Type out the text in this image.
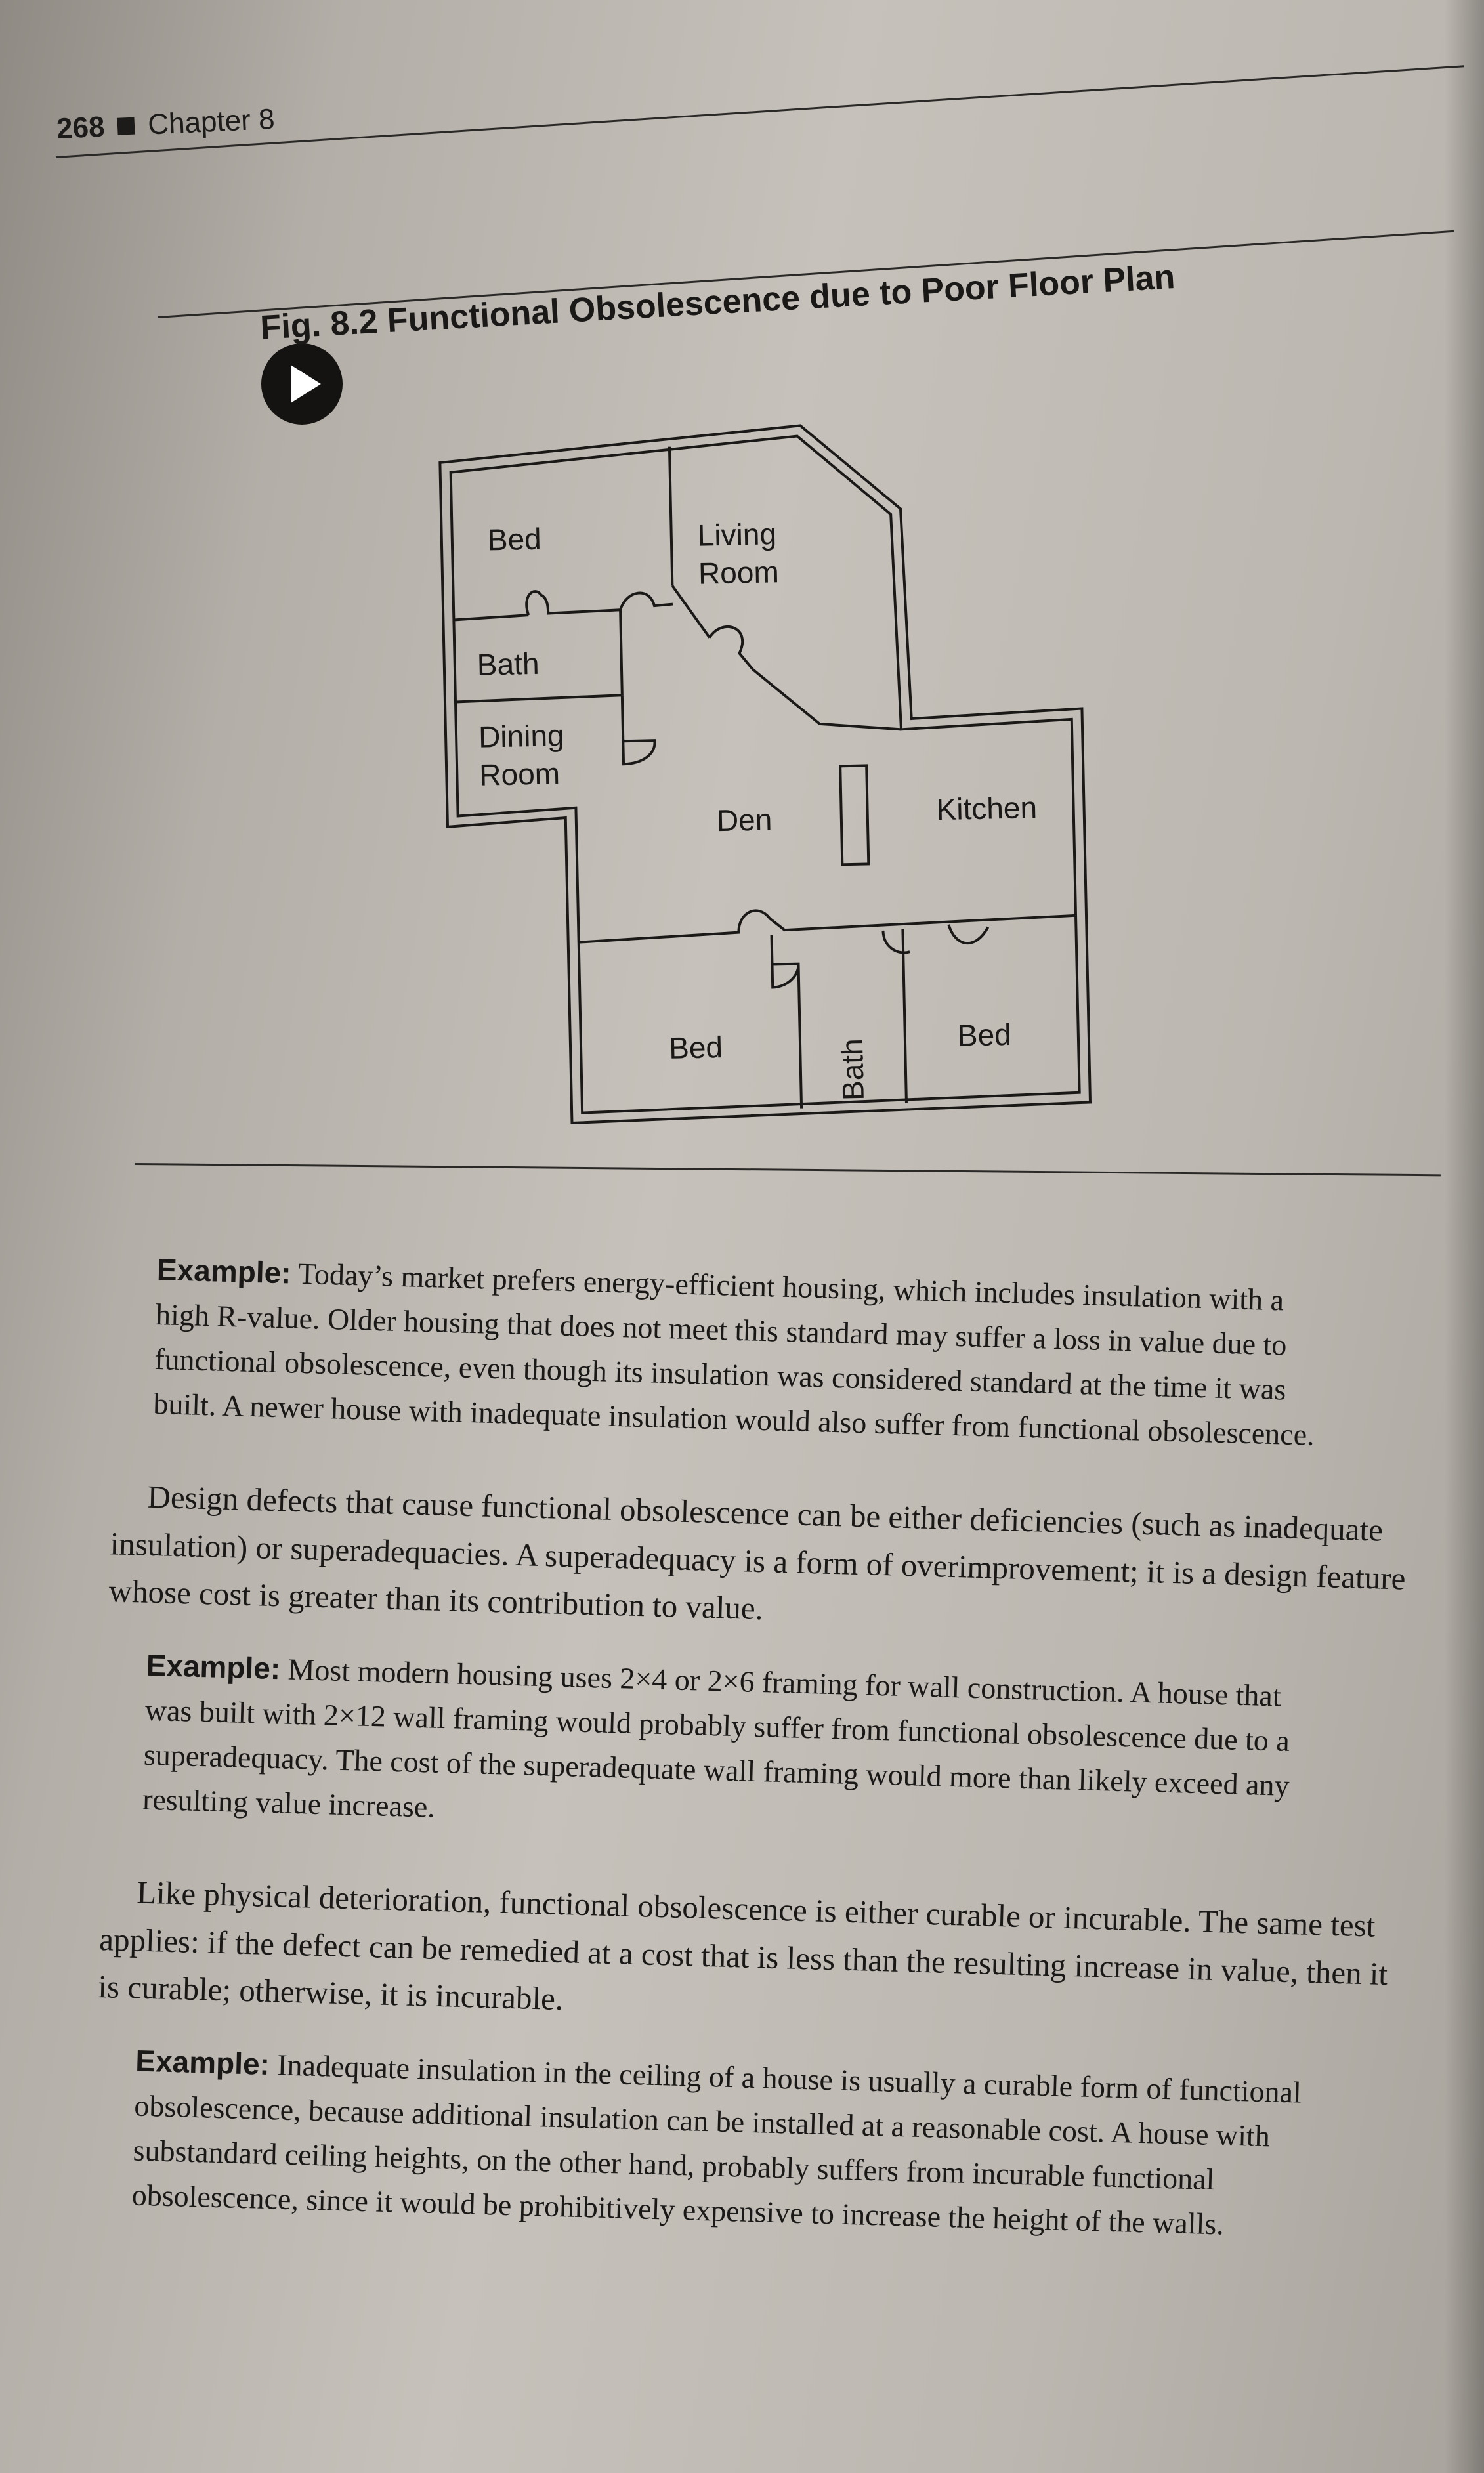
268 Chapter 8
Fig. 8.2 Functional Obsolescence due to Poor Floor Plan
Bed	Living
Room
Bath
Dining
Room
Den	Kitchen
Bed	Bath
Bed

Example: Today’s market prefers energy-efficient housing, which includes insulation with a high R-value. Older housing that does not meet this standard may suffer a loss in value due to functional obsolescence, even though its insulation was considered standard at the time it was built. A newer house with inadequate insulation would also suffer from functional obsolescence.

Design defects that cause functional obsolescence can be either deficiencies (such as inadequate insulation) or superadequacies. A superadequacy is a form of overimprovement; it is a design feature whose cost is greater than its contribution to value.

Example: Most modern housing uses 2×4 or 2×6 framing for wall construction. A house that was built with 2×12 wall framing would probably suffer from functional obsolescence due to a superadequacy. The cost of the superadequate wall framing would more than likely exceed any resulting value increase.

Like physical deterioration, functional obsolescence is either curable or incurable. The same test applies: if the defect can be remedied at a cost that is less than the resulting increase in value, then it is curable; otherwise, it is incurable.

Example: Inadequate insulation in the ceiling of a house is usually a curable form of functional obsolescence, because additional insulation can be installed at a reasonable cost. A house with substandard ceiling heights, on the other hand, probably suffers from incurable functional obsolescence, since it would be prohibitively expensive to increase the height of the walls.
